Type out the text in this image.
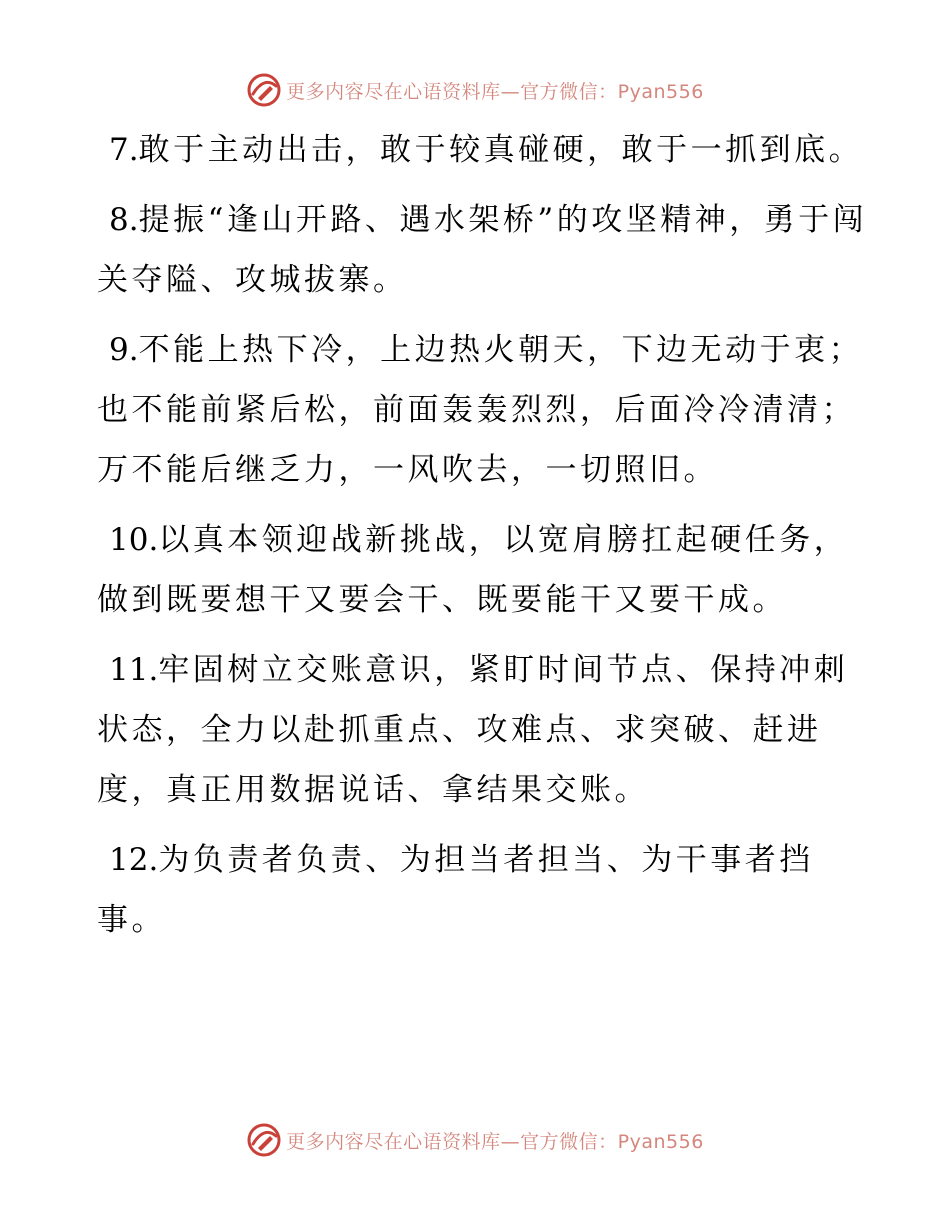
更多内容尽在心语资料库—官方微信：Pyan556

7.敢于主动出击，敢于较真碰硬，敢于一抓到底。

8.提振“逢山开路、遇水架桥”的攻坚精神，勇于闯关夺隘、攻城拔寨。

9.不能上热下冷，上边热火朝天，下边无动于衷；也不能前紧后松，前面轰轰烈烈，后面冷冷清清；万不能后继乏力，一风吹去，一切照旧。

10.以真本领迎战新挑战，以宽肩膀扛起硬任务，做到既要想干又要会干、既要能干又要干成。

11.牢固树立交账意识，紧盯时间节点、保持冲刺状态，全力以赴抓重点、攻难点、求突破、赶进度，真正用数据说话、拿结果交账。

12.为负责者负责、为担当者担当、为干事者挡事。

更多内容尽在心语资料库—官方微信：Pyan556
